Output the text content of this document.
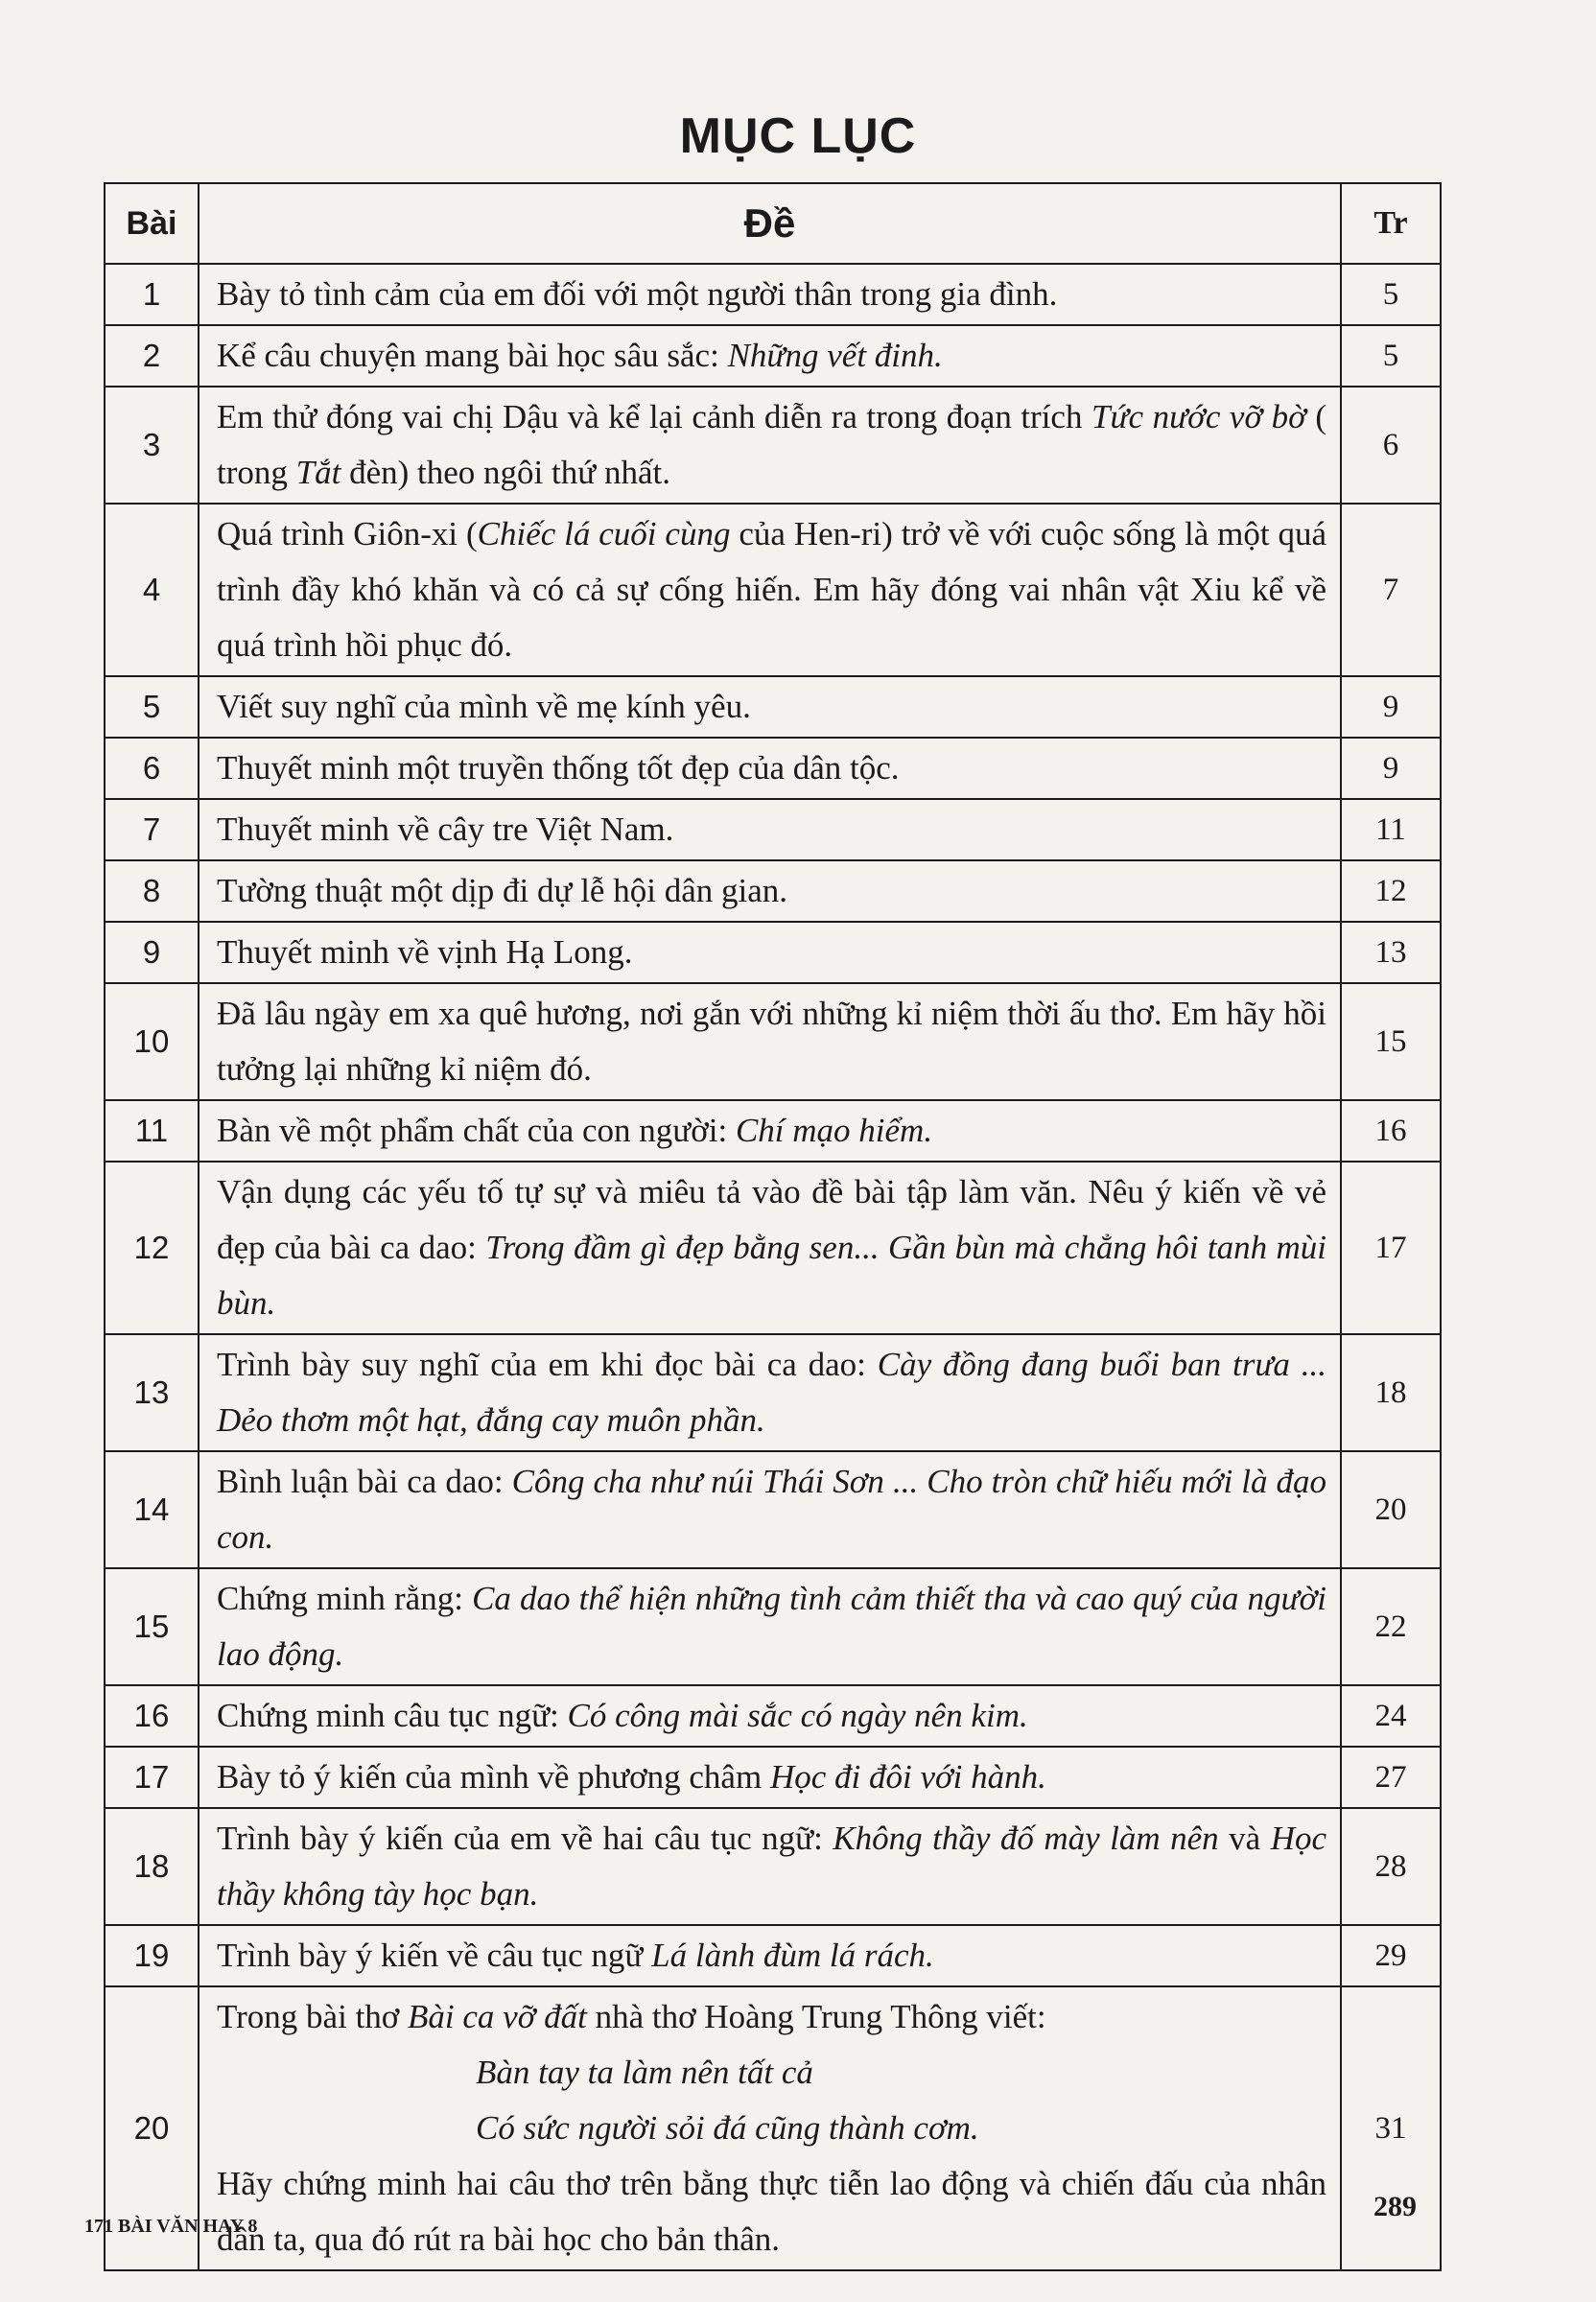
MỤC LỤC
Bài	Đề	Tr
1	Bày tỏ tình cảm của em đối với một người thân trong gia đình.	5
2	Kể câu chuyện mang bài học sâu sắc: Những vết đinh.	5
3	Em thử đóng vai chị Dậu và kể lại cảnh diễn ra trong đoạn trích Tức nước vỡ bờ ( trong Tắt đèn) theo ngôi thứ nhất.	6
4	Quá trình Giôn-xi (Chiếc lá cuối cùng của Hen-ri) trở về với cuộc sống là một quá trình đầy khó khăn và có cả sự cống hiến. Em hãy đóng vai nhân vật Xiu kể về quá trình hồi phục đó.	7
5	Viết suy nghĩ của mình về mẹ kính yêu.	9
6	Thuyết minh một truyền thống tốt đẹp của dân tộc.	9
7	Thuyết minh về cây tre Việt Nam.	11
8	Tường thuật một dịp đi dự lễ hội dân gian.	12
9	Thuyết minh về vịnh Hạ Long.	13
10	Đã lâu ngày em xa quê hương, nơi gắn với những kỉ niệm thời ấu thơ. Em hãy hồi tưởng lại những kỉ niệm đó.	15
11	Bàn về một phẩm chất của con người: Chí mạo hiểm.	16
12	Vận dụng các yếu tố tự sự và miêu tả vào đề bài tập làm văn. Nêu ý kiến về vẻ đẹp của bài ca dao: Trong đầm gì đẹp bằng sen... Gần bùn mà chẳng hôi tanh mùi bùn.	17
13	Trình bày suy nghĩ của em khi đọc bài ca dao: Cày đồng đang buổi ban trưa ... Dẻo thơm một hạt, đắng cay muôn phần.	18
14	Bình luận bài ca dao: Công cha như núi Thái Sơn ... Cho tròn chữ hiếu mới là đạo con.	20
15	Chứng minh rằng: Ca dao thể hiện những tình cảm thiết tha và cao quý của người lao động.	22
16	Chứng minh câu tục ngữ: Có công mài sắc có ngày nên kim.	24
17	Bày tỏ ý kiến của mình về phương châm Học đi đôi với hành.	27
18	Trình bày ý kiến của em về hai câu tục ngữ: Không thầy đố mày làm nên và Học thầy không tày học bạn.	28
19	Trình bày ý kiến về câu tục ngữ Lá lành đùm lá rách.	29
20	Trong bài thơ Bài ca vỡ đất nhà thơ Hoàng Trung Thông viết:
Bàn tay ta làm nên tất cả
Có sức người sỏi đá cũng thành cơm.
Hãy chứng minh hai câu thơ trên bằng thực tiễn lao động và chiến đấu của nhân dân ta, qua đó rút ra bài học cho bản thân.	31
171 BÀI VĂN HAY 8
289
